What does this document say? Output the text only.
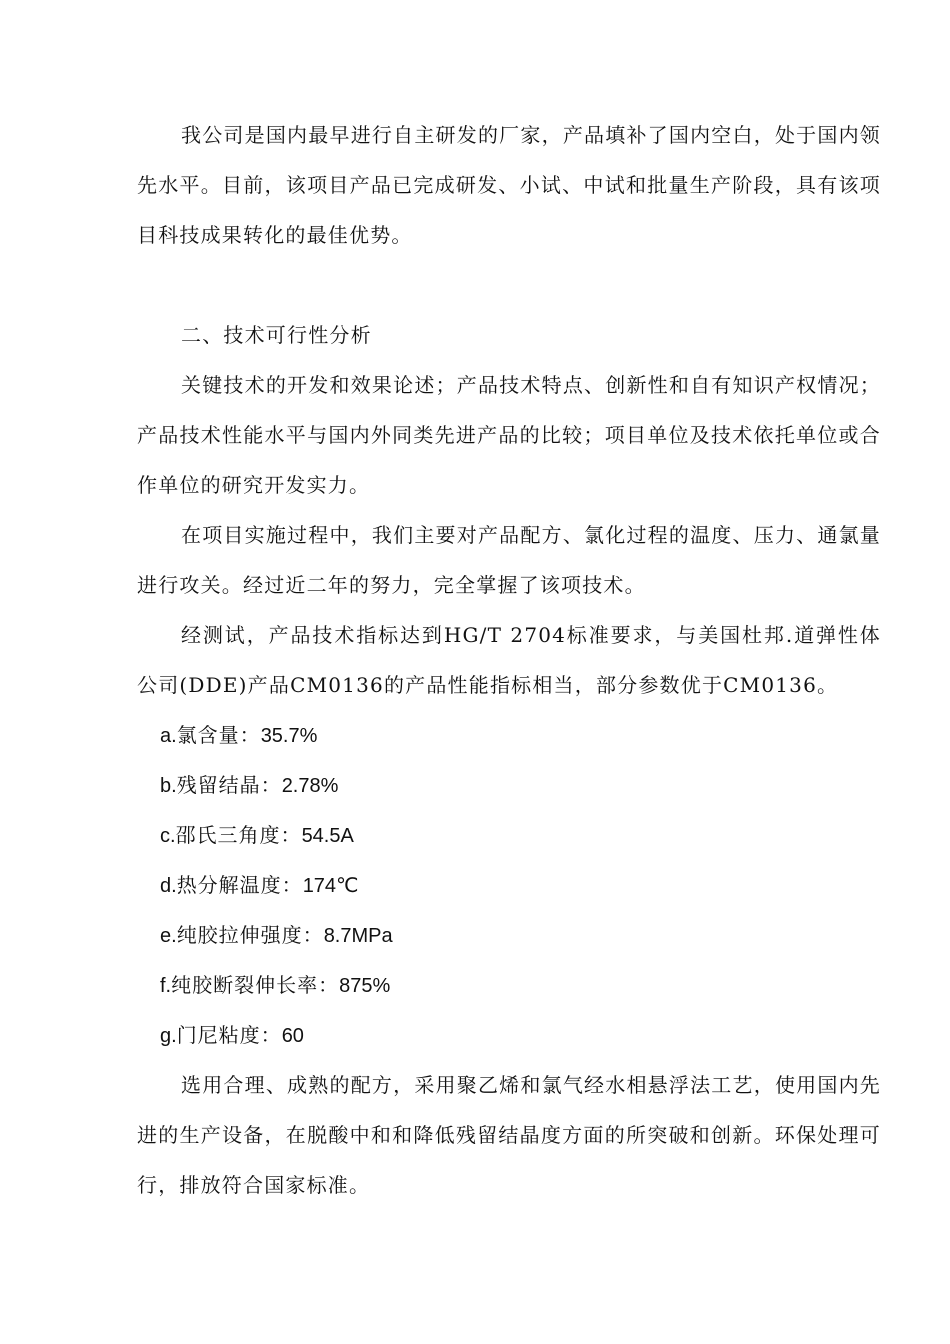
我公司是国内最早进行自主研发的厂家，产品填补了国内空白，处于国内领先水平。目前，该项目产品已完成研发、小试、中试和批量生产阶段，具有该项目科技成果转化的最佳优势。

二、技术可行性分析

关键技术的开发和效果论述；产品技术特点、创新性和自有知识产权情况；产品技术性能水平与国内外同类先进产品的比较；项目单位及技术依托单位或合作单位的研究开发实力。

在项目实施过程中，我们主要对产品配方、氯化过程的温度、压力、通氯量进行攻关。经过近二年的努力，完全掌握了该项技术。

经测试，产品技术指标达到HG/T 2704标准要求，与美国杜邦.道弹性体公司(DDE)产品CM0136的产品性能指标相当，部分参数优于CM0136。

a.氯含量：35.7%
b.残留结晶：2.78%
c.邵氏三角度：54.5A
d.热分解温度：174℃
e.纯胶拉伸强度：8.7MPa
f.纯胶断裂伸长率：875%
g.门尼粘度：60

选用合理、成熟的配方，采用聚乙烯和氯气经水相悬浮法工艺，使用国内先进的生产设备，在脱酸中和和降低残留结晶度方面的所突破和创新。环保处理可行，排放符合国家标准。
